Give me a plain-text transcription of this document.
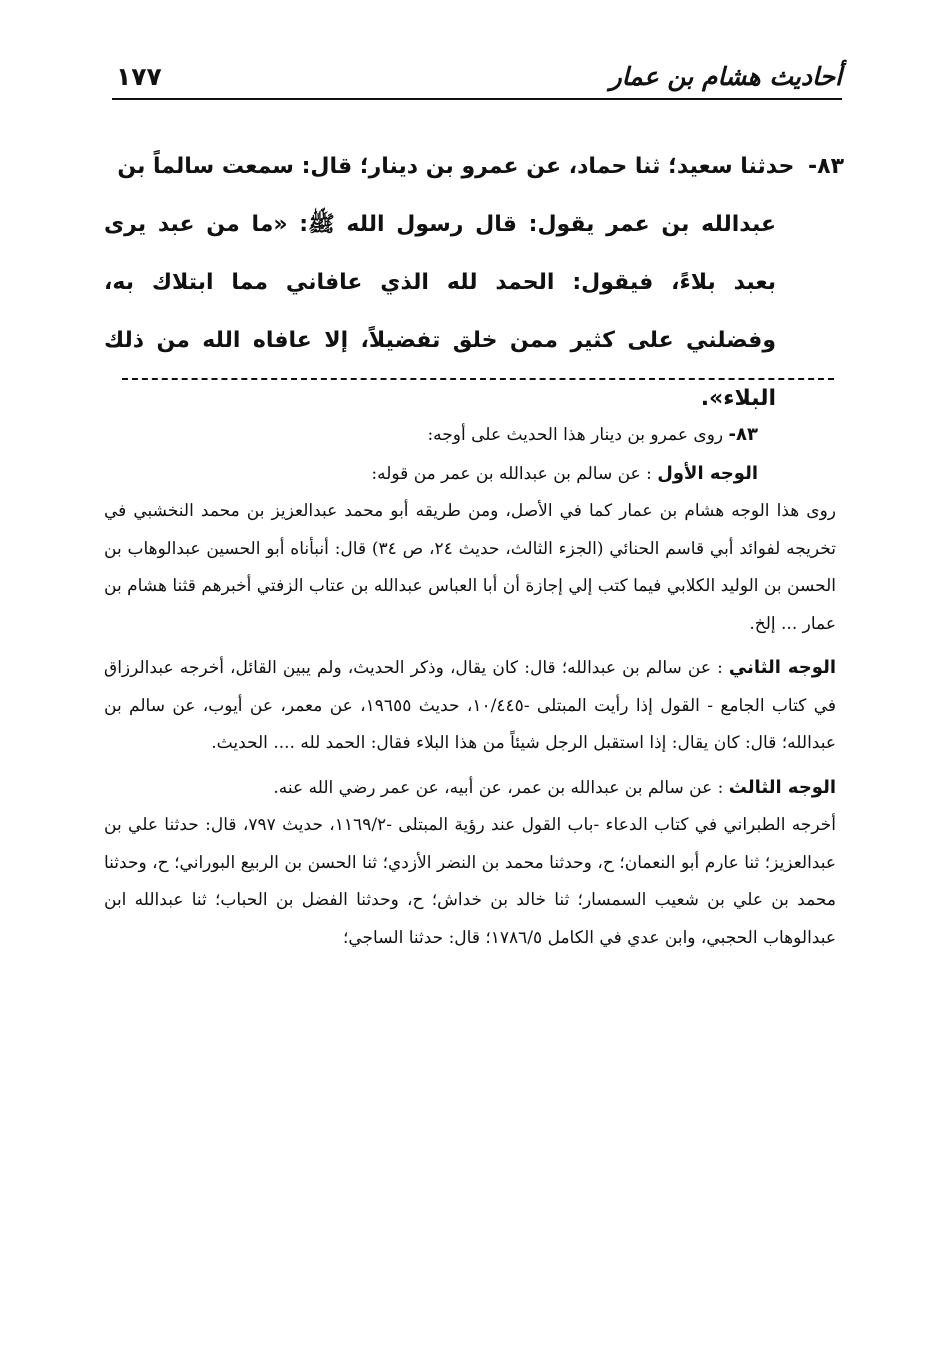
أحاديث هشام بن عمار
١٧٧
٨٣- حدثنا سعيد؛ ثنا حماد، عن عمرو بن دينار؛ قال: سمعت سالماً بن
عبدالله بن عمر يقول: قال رسول الله ﷺ: «ما من عبد يرى بعبد بلاءً، فيقول: الحمد لله الذي عافاني مما ابتلاك به، وفضلني على كثير ممن خلق تفضيلاً، إلا عافاه الله من ذلك البلاء».

٨٣- روى عمرو بن دينار هذا الحديث على أوجه:

الوجه الأول : عن سالم بن عبدالله بن عمر من قوله:

روى هذا الوجه هشام بن عمار كما في الأصل، ومن طريقه أبو محمد عبدالعزيز بن محمد النخشبي في تخريجه لفوائد أبي قاسم الحنائي (الجزء الثالث، حديث ٢٤، ص ٣٤) قال: أنبأناه أبو الحسين عبدالوهاب بن الحسن بن الوليد الكلابي فيما كتب إلي إجازة أن أبا العباس عبدالله بن عتاب الزفتي أخبرهم قثنا هشام بن عمار ... إلخ.

الوجه الثاني : عن سالم بن عبدالله؛ قال: كان يقال، وذكر الحديث، ولم يبين القائل، أخرجه عبدالرزاق في كتاب الجامع - القول إذا رأيت المبتلى -١٠/٤٤٥، حديث ١٩٦٥٥، عن معمر، عن أيوب، عن سالم بن عبدالله؛ قال: كان يقال: إذا استقبل الرجل شيئاً من هذا البلاء فقال: الحمد لله .... الحديث.

الوجه الثالث : عن سالم بن عبدالله بن عمر، عن أبيه، عن عمر رضي الله عنه.

أخرجه الطبراني في كتاب الدعاء -باب القول عند رؤية المبتلى -١١٦٩/٢، حديث ٧٩٧، قال: حدثنا علي بن عبدالعزيز؛ ثنا عارم أبو النعمان؛ ح، وحدثنا محمد بن النضر الأزدي؛ ثنا الحسن بن الربيع البوراني؛ ح، وحدثنا محمد بن علي بن شعيب السمسار؛ ثنا خالد بن خداش؛ ح، وحدثنا الفضل بن الحباب؛ ثنا عبدالله ابن عبدالوهاب الحجبي، وابن عدي في الكامل ١٧٨٦/٥؛ قال: حدثنا الساجي؛
